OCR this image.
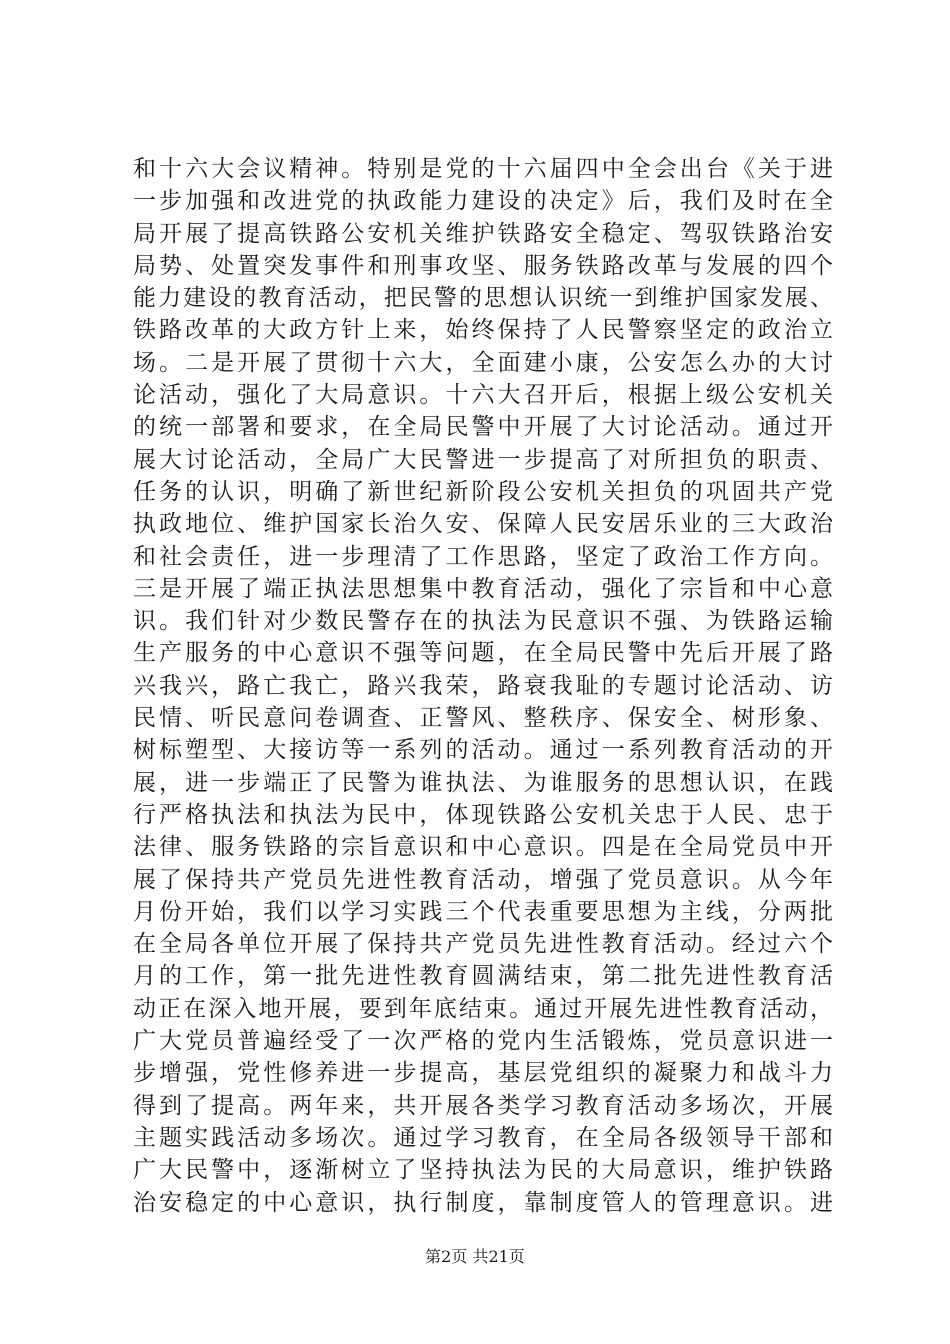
和十六大会议精神。特别是党的十六届四中全会出台《关于进
一步加强和改进党的执政能力建设的决定》后，我们及时在全
局开展了提高铁路公安机关维护铁路安全稳定、驾驭铁路治安
局势、处置突发事件和刑事攻坚、服务铁路改革与发展的四个
能力建设的教育活动，把民警的思想认识统一到维护国家发展、
铁路改革的大政方针上来，始终保持了人民警察坚定的政治立
场。二是开展了贯彻十六大，全面建小康，公安怎么办的大讨
论活动，强化了大局意识。十六大召开后，根据上级公安机关
的统一部署和要求，在全局民警中开展了大讨论活动。通过开
展大讨论活动，全局广大民警进一步提高了对所担负的职责、
任务的认识，明确了新世纪新阶段公安机关担负的巩固共产党
执政地位、维护国家长治久安、保障人民安居乐业的三大政治
和社会责任，进一步理清了工作思路，坚定了政治工作方向。
三是开展了端正执法思想集中教育活动，强化了宗旨和中心意
识。我们针对少数民警存在的执法为民意识不强、为铁路运输
生产服务的中心意识不强等问题，在全局民警中先后开展了路
兴我兴，路亡我亡，路兴我荣，路衰我耻的专题讨论活动、访
民情、听民意问卷调查、正警风、整秩序、保安全、树形象、
树标塑型、大接访等一系列的活动。通过一系列教育活动的开
展，进一步端正了民警为谁执法、为谁服务的思想认识，在践
行严格执法和执法为民中，体现铁路公安机关忠于人民、忠于
法律、服务铁路的宗旨意识和中心意识。四是在全局党员中开
展了保持共产党员先进性教育活动，增强了党员意识。从今年
月份开始，我们以学习实践三个代表重要思想为主线，分两批
在全局各单位开展了保持共产党员先进性教育活动。经过六个
月的工作，第一批先进性教育圆满结束，第二批先进性教育活
动正在深入地开展，要到年底结束。通过开展先进性教育活动，
广大党员普遍经受了一次严格的党内生活锻炼，党员意识进一
步增强，党性修养进一步提高，基层党组织的凝聚力和战斗力
得到了提高。两年来，共开展各类学习教育活动多场次，开展
主题实践活动多场次。通过学习教育，在全局各级领导干部和
广大民警中，逐渐树立了坚持执法为民的大局意识，维护铁路
治安稳定的中心意识，执行制度，靠制度管人的管理意识。进
第2页 共21页
